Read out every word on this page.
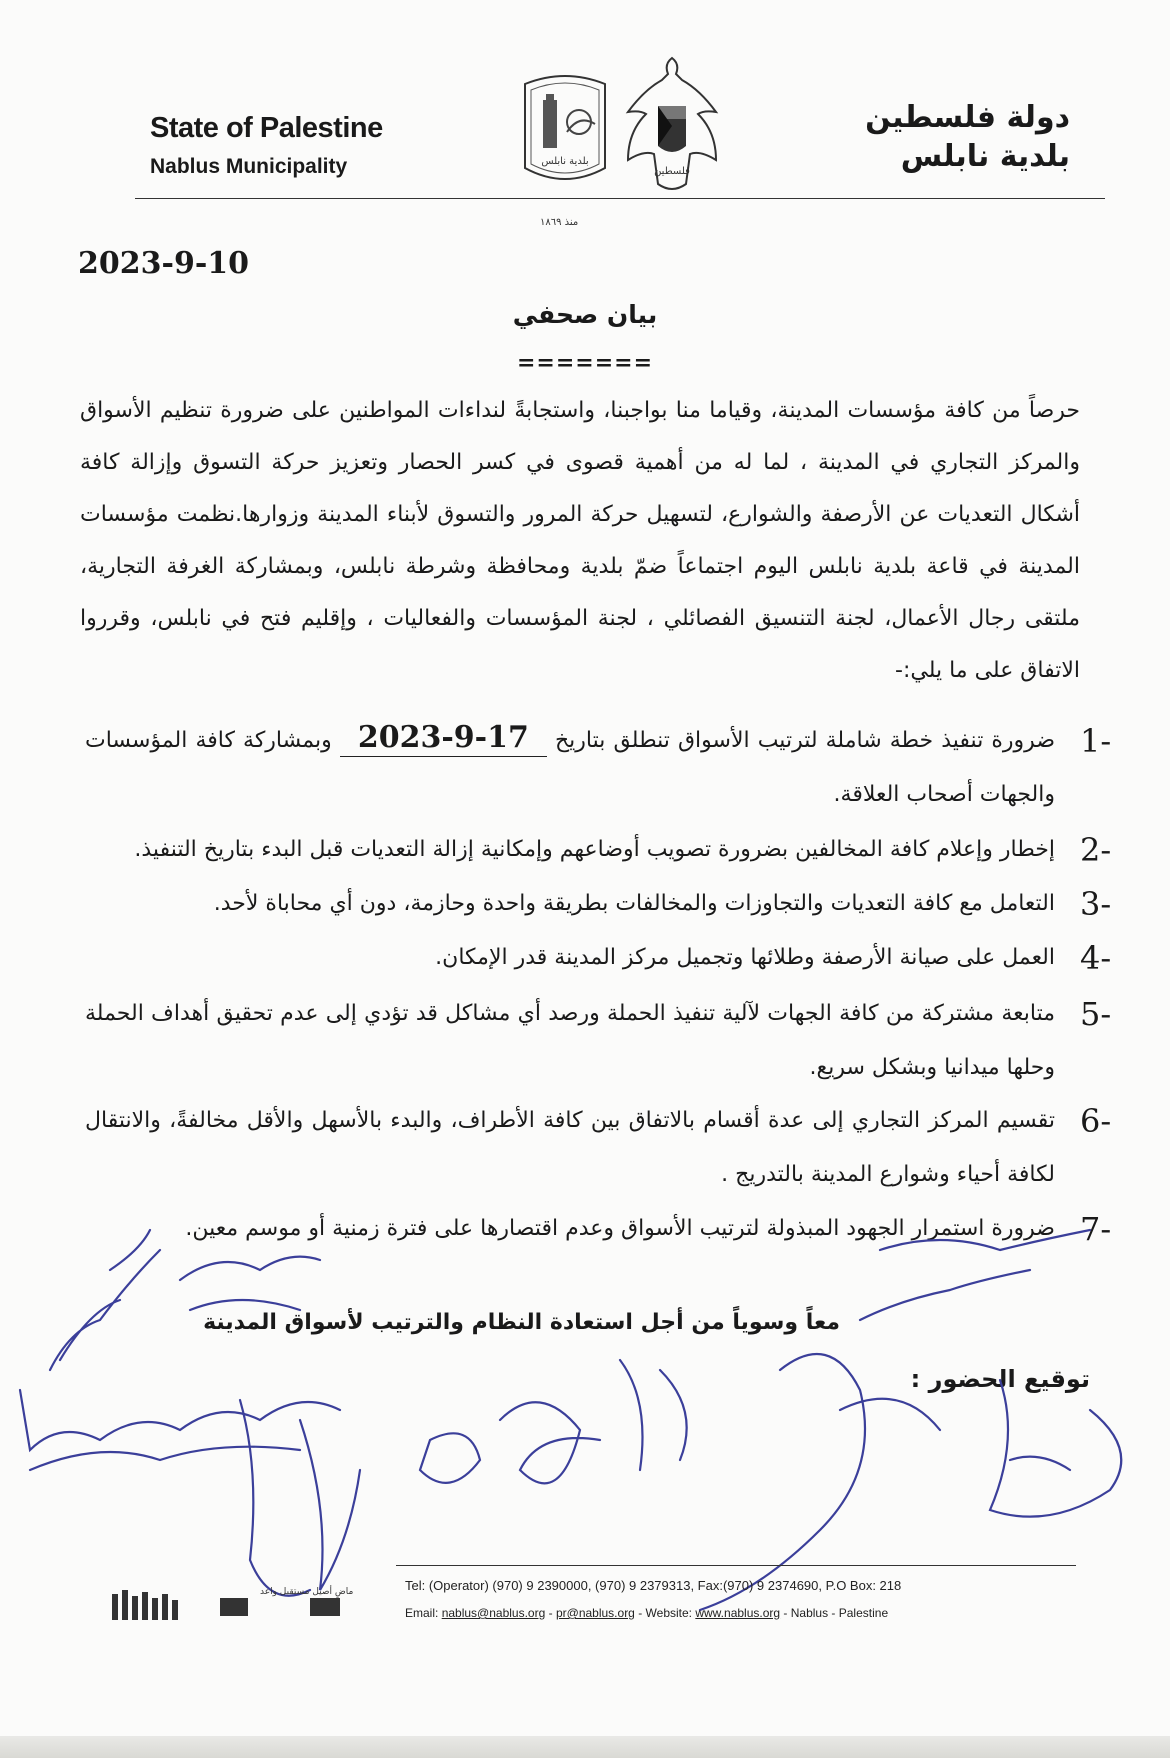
State of Palestine
Nablus Municipality	بلدية نابلس
منذ ١٨٦٩
فلسطين
دولة فلسطين
بلدية نابلس
2023-9-10
بيان صحفي
=======
حرصاً من كافة مؤسسات المدينة، وقياما منا بواجبنا، واستجابةً لنداءات المواطنين على ضرورة تنظيم الأسواق والمركز التجاري في المدينة ، لما له من أهمية قصوى في كسر الحصار وتعزيز حركة التسوق وإزالة كافة أشكال التعديات عن الأرصفة والشوارع، لتسهيل حركة المرور والتسوق لأبناء المدينة وزوارها.نظمت مؤسسات المدينة في قاعة بلدية نابلس اليوم اجتماعاً ضمّ بلدية ومحافظة وشرطة نابلس، وبمشاركة الغرفة التجارية، ملتقى رجال الأعمال، لجنة التنسيق الفصائلي ، لجنة المؤسسات والفعاليات ، وإقليم فتح في نابلس، وقرروا الاتفاق على ما يلي:-
1-
ضرورة تنفيذ خطة شاملة لترتيب الأسواق تنطلق بتاريخ 2023-9-17 وبمشاركة كافة المؤسسات والجهات أصحاب العلاقة.
2-
إخطار وإعلام كافة المخالفين بضرورة تصويب أوضاعهم وإمكانية إزالة التعديات قبل البدء بتاريخ التنفيذ.
3-
التعامل مع كافة التعديات والتجاوزات والمخالفات بطريقة واحدة وحازمة، دون أي محاباة لأحد.
4-
العمل على صيانة الأرصفة وطلائها وتجميل مركز المدينة قدر الإمكان.
5-
متابعة مشتركة من كافة الجهات لآلية تنفيذ الحملة ورصد أي مشاكل قد تؤدي إلى عدم تحقيق أهداف الحملة وحلها ميدانيا وبشكل سريع.
6-
تقسيم المركز التجاري إلى عدة أقسام بالاتفاق بين كافة الأطراف، والبدء بالأسهل والأقل مخالفةً، والانتقال لكافة أحياء وشوارع المدينة بالتدريج .
7-
ضرورة استمرار الجهود المبذولة لترتيب الأسواق وعدم اقتصارها على فترة زمنية أو موسم معين.
معاً وسوياً من أجل استعادة النظام والترتيب لأسواق المدينة
توقيع الحضور :
ماضٍ أصيل مستقبل واعد	Tel: (Operator) (970) 9 2390000, (970) 9 2379313, Fax:(970) 9 2374690, P.O Box: 218
Email: nablus@nablus.org - pr@nablus.org - Website: www.nablus.org - Nablus - Palestine
